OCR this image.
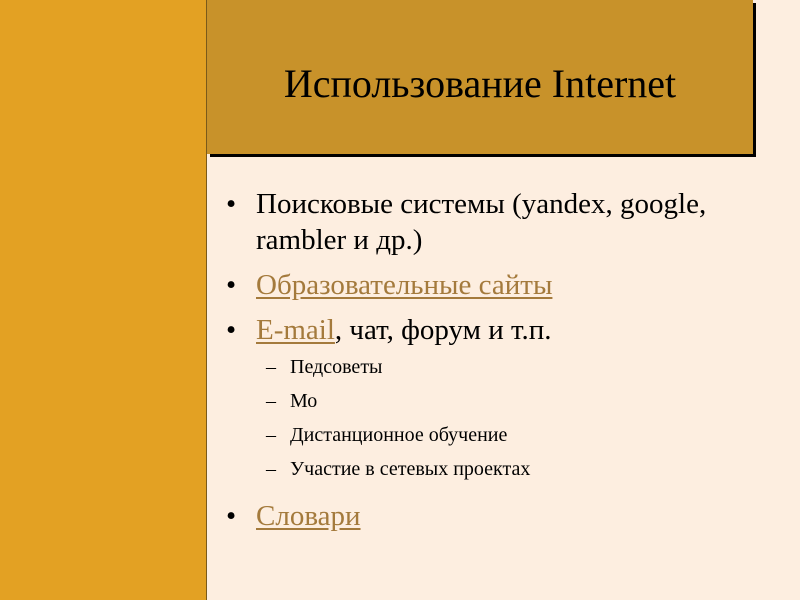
Использование Internet
•
Поисковые системы (yandex, google, rambler и др.)
•
Образовательные сайты
•
E-mail, чат, форум и т.п.
–
Педсоветы
–
Мо
–
Дистанционное обучение
–
Участие в сетевых проектах
•
Словари
